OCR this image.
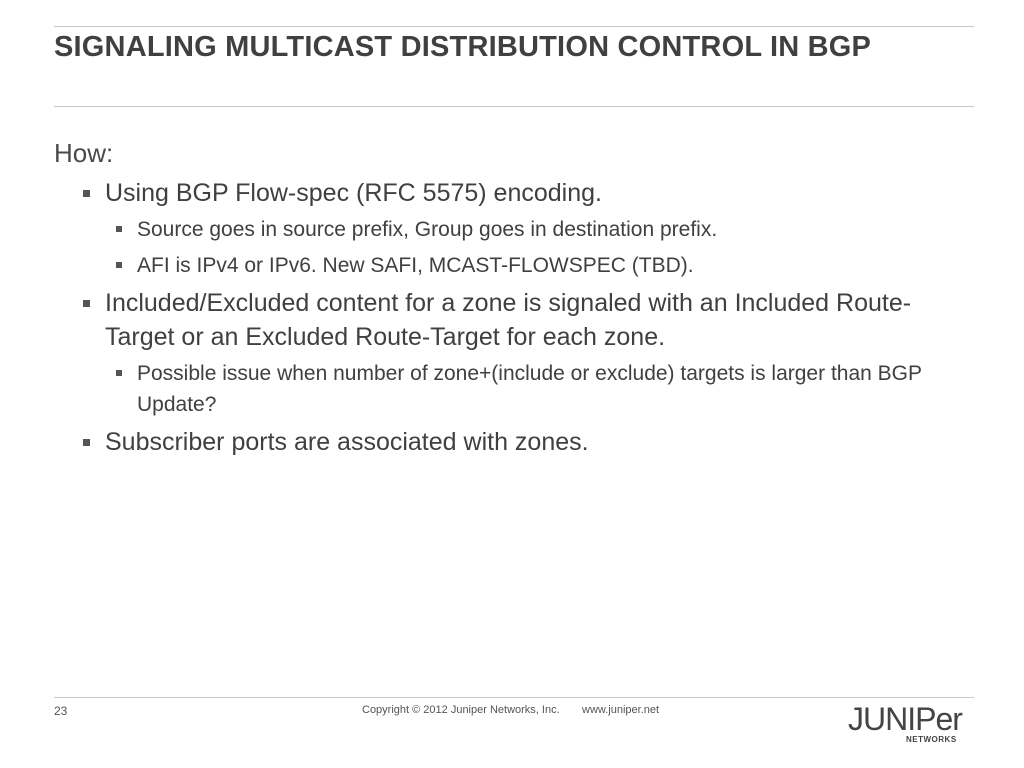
SIGNALING MULTICAST DISTRIBUTION CONTROL IN BGP
How:
Using BGP Flow-spec (RFC 5575) encoding.
Source goes in source prefix, Group goes in destination prefix.
AFI is IPv4 or IPv6. New SAFI, MCAST-FLOWSPEC (TBD).
Included/Excluded content for a zone is signaled with an Included Route-Target or an Excluded Route-Target for each zone.
Possible issue when number of zone+(include or exclude) targets is larger than BGP Update?
Subscriber ports are associated with zones.
23	Copyright © 2012 Juniper Networks, Inc. www.juniper.net	JUNIPer
NETWORKS
